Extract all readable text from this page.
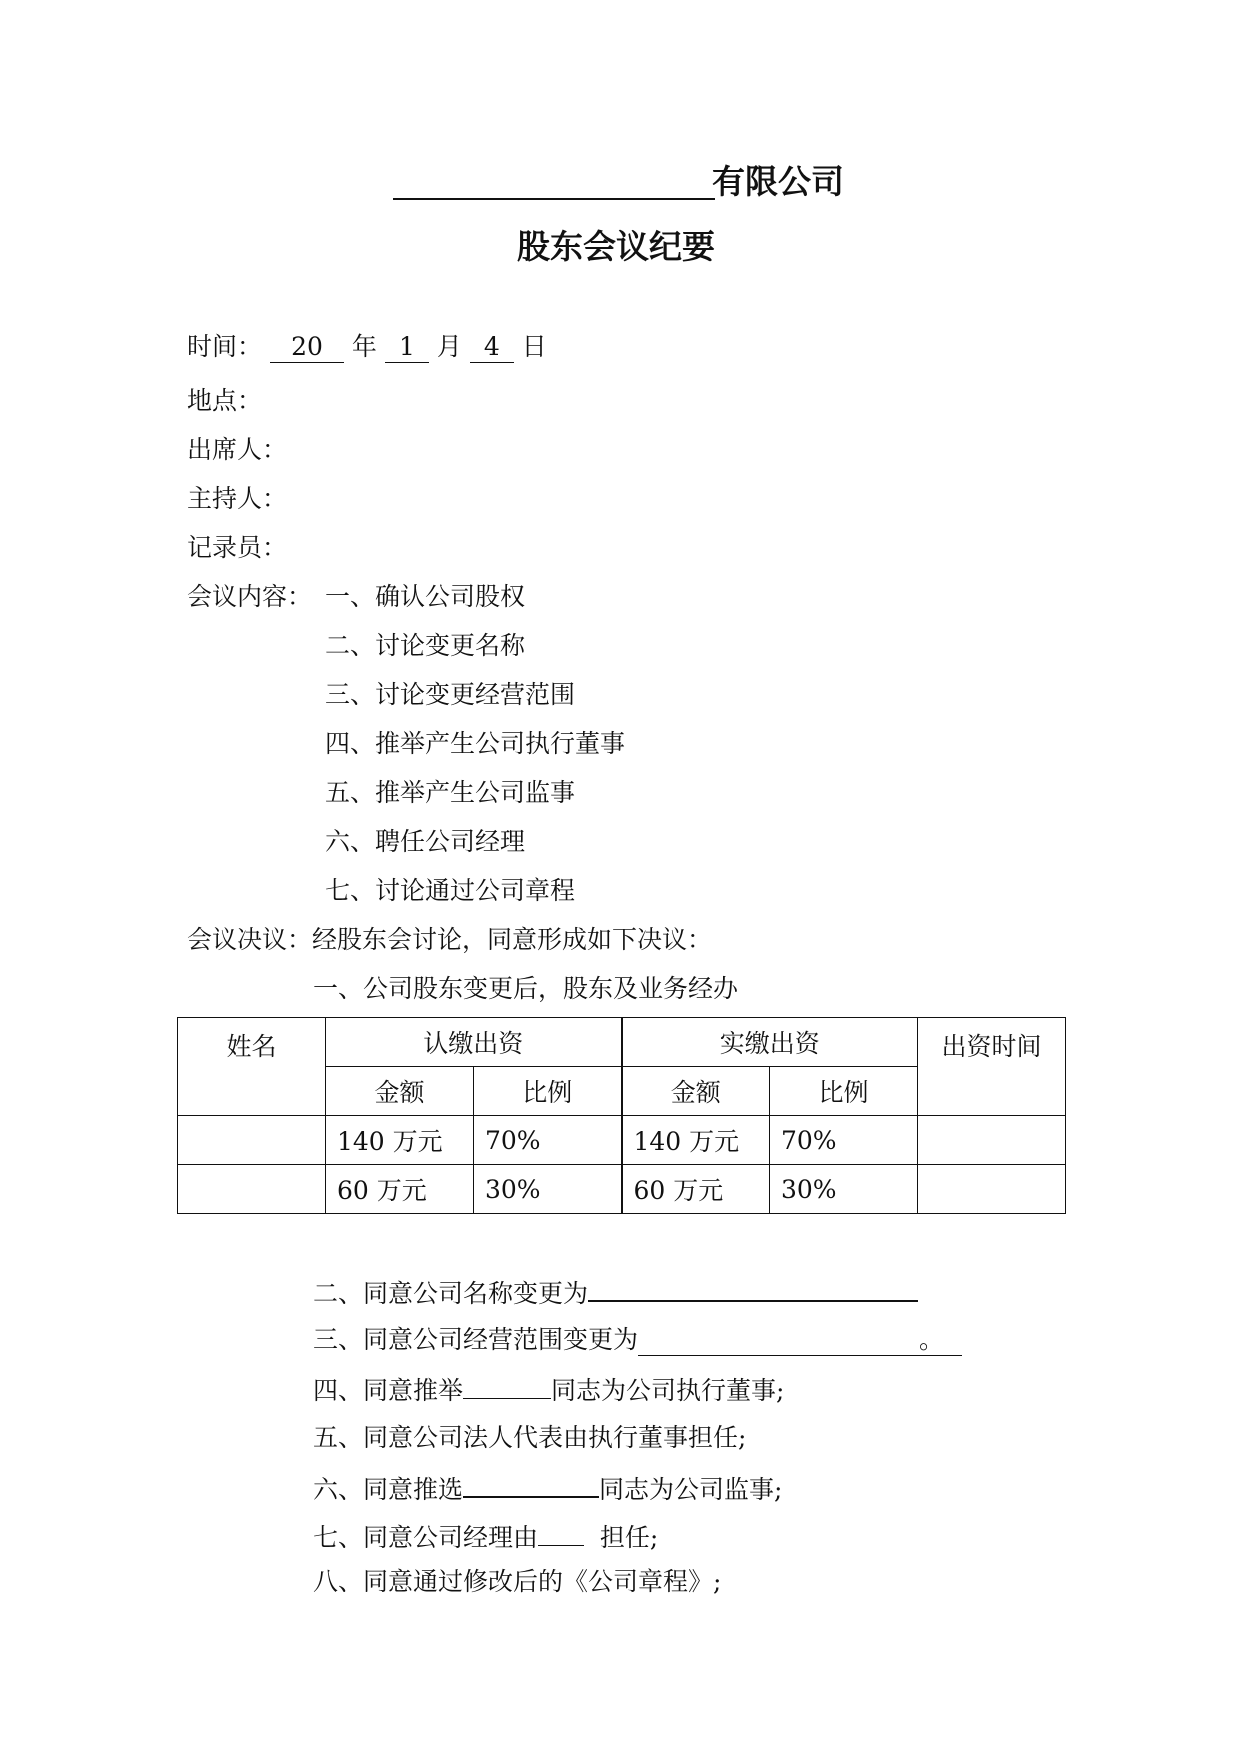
有限公司
股东会议纪要
时间： 20 年 1 月 4 日
地点：
出席人：
主持人：
记录员：
会议内容： 一、确认公司股权
二、讨论变更名称
三、讨论变更经营范围
四、推举产生公司执行董事
五、推举产生公司监事
六、聘任公司经理
七、讨论通过公司章程
会议决议：经股东会讨论，同意形成如下决议：
一、公司股东变更后，股东及业务经办
姓名	认缴出资		实缴出资		出资时间
	金额	比例	金额	比例	
	140 万元	70%	140 万元	70%	
	60 万元	30%	60 万元	30%	
二、同意公司名称变更为
三、同意公司经营范围变更为	。
四、同意推举	同志为公司执行董事;
五、同意公司法人代表由执行董事担任;
六、同意推选	同志为公司监事;
七、同意公司经理由 担任;
八、同意通过修改后的《公司章程》;
